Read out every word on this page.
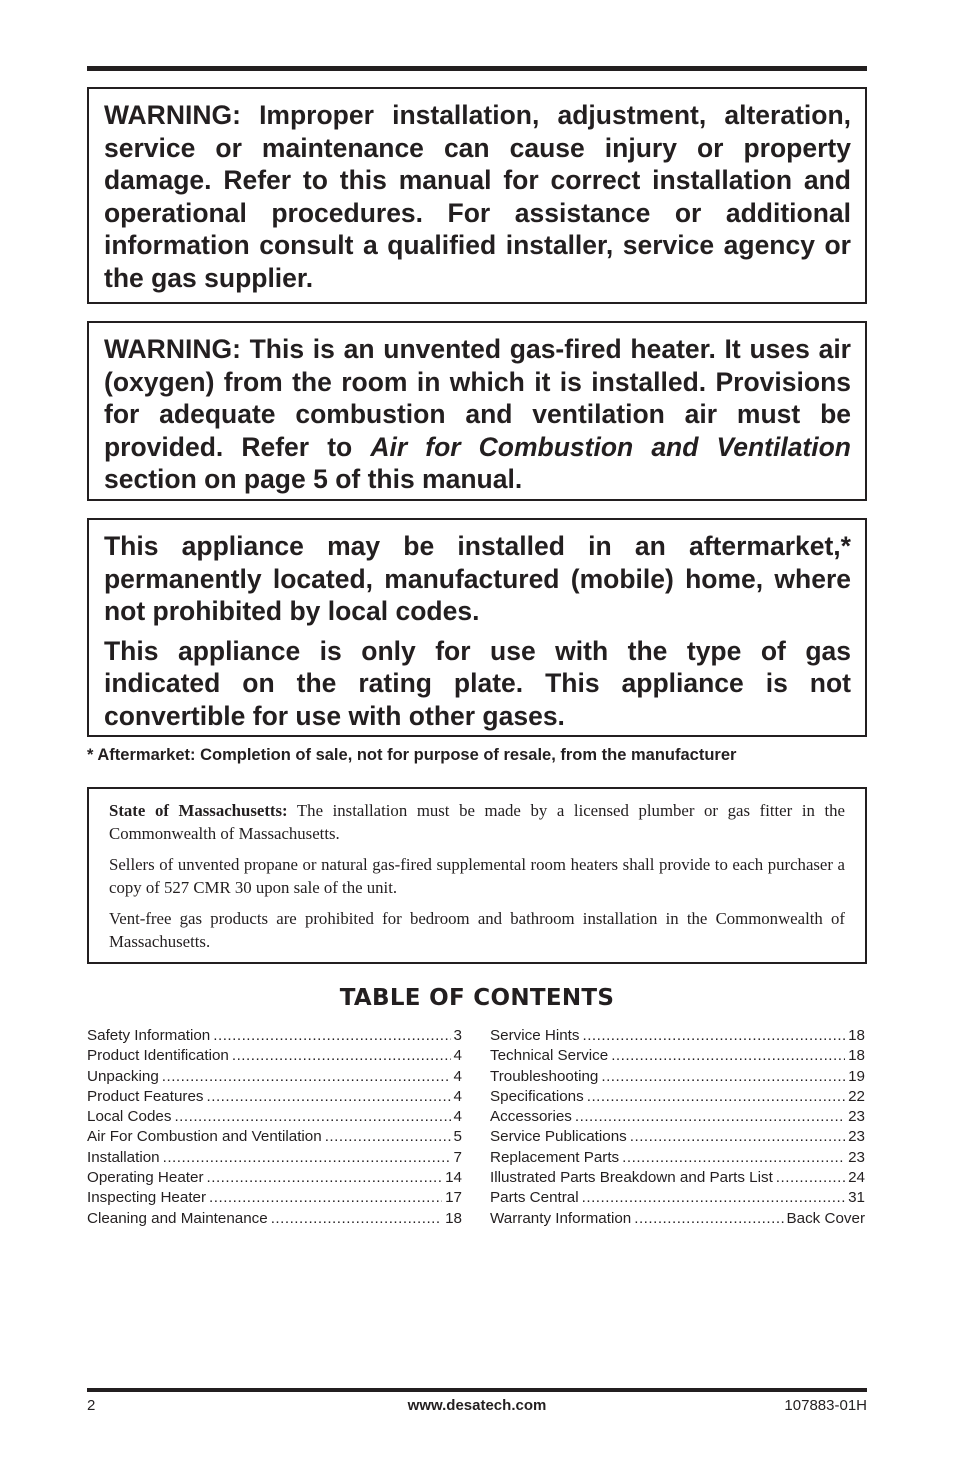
WARNING: Improper installation, adjustment, alteration, service or maintenance can cause injury or property damage. Refer to this manual for correct installation and operational procedures. For assistance or additional information consult a qualified installer, service agency or the gas supplier.

WARNING: This is an unvented gas-fired heater. It uses air (oxygen) from the room in which it is installed. Provisions for adequate combustion and ventilation air must be provided. Refer to Air for Combustion and Ventilation section on page 5 of this manual.

This appliance may be installed in an aftermarket,* permanently located, manufactured (mobile) home, where not prohibited by local codes.

This appliance is only for use with the type of gas indicated on the rating plate. This appliance is not convertible for use with other gases.

* Aftermarket: Completion of sale, not for purpose of resale, from the manufacturer

State of Massachusetts: The installation must be made by a licensed plumber or gas fitter in the Commonwealth of Massachusetts.

Sellers of unvented propane or natural gas-fired supplemental room heaters shall provide to each purchaser a copy of 527 CMR 30 upon sale of the unit.

Vent-free gas products are prohibited for bedroom and bathroom installation in the Commonwealth of Massachusetts.

TABLE OF CONTENTS
Safety Information .....	3
Product Identification .....	4
Unpacking .....	4
Product Features .....	4
Local Codes .....	4
Air For Combustion and Ventilation .....	5
Installation .....	7
Operating Heater .....	14
Inspecting Heater .....	17
Cleaning and Maintenance .....	18
Service Hints .....	18
Technical Service .....	18
Troubleshooting .....	19
Specifications .....	22
Accessories .....	23
Service Publications .....	23
Replacement Parts .....	23
Illustrated Parts Breakdown and Parts List .....	24
Parts Central .....	31
Warranty Information .....	Back Cover
2	www.desatech.com	107883-01H
